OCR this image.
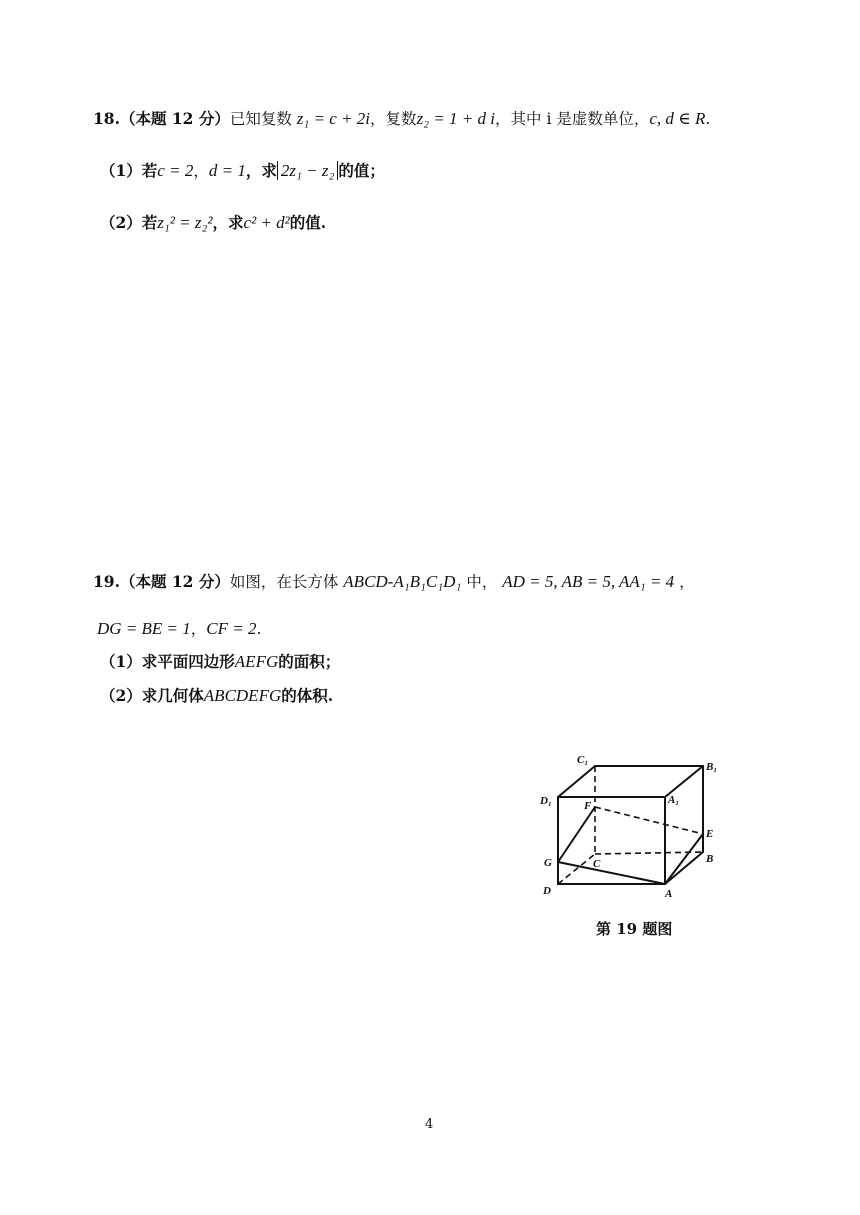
18.（本题 12 分）已知复数 z₁ = c + 2i，复数z₂ = 1 + d i，其中 i 是虚数单位，c, d ∈ R.
（1）若c = 2，d = 1，求 2z₁ − z₂ 的值；
（2）若z₁² = z₂²，求c² + d²的值.
19.（本题 12 分）如图，在长方体 ABCD-A₁B₁C₁D₁ 中， AD = 5, AB = 5, AA₁ = 4 ，
DG = BE = 1，CF = 2.
（1）求平面四边形AEFG的面积；
（2）求几何体ABCDEFG的体积.
C₁
B₁
D₁	A₁
F
E
G	C	B
D	A
第 19 题图
4
